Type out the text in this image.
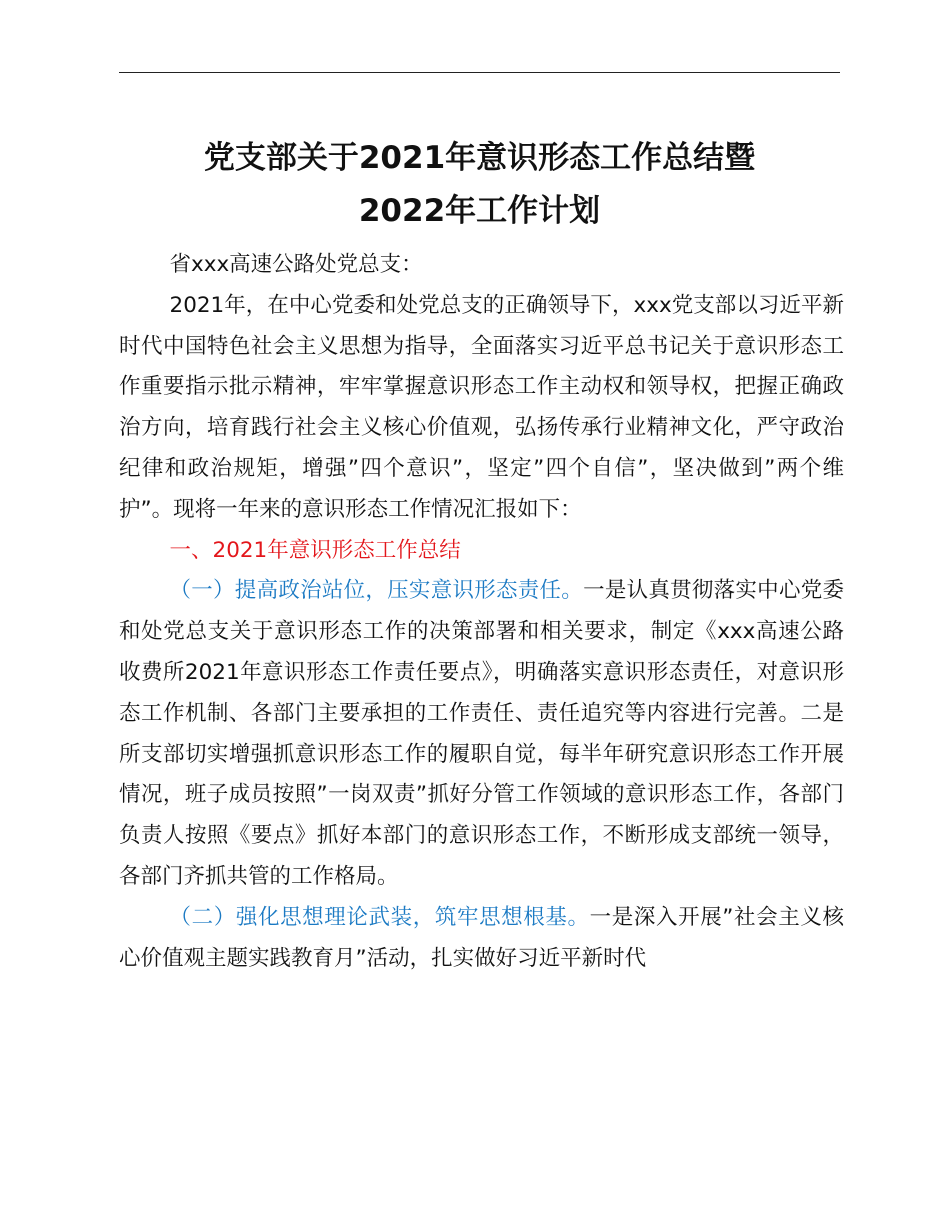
党支部关于2021年意识形态工作总结暨
2022年工作计划

省xxx高速公路处党总支：

2021年，在中心党委和处党总支的正确领导下，xxx党支部以习近平新时代中国特色社会主义思想为指导，全面落实习近平总书记关于意识形态工作重要指示批示精神，牢牢掌握意识形态工作主动权和领导权，把握正确政治方向，培育践行社会主义核心价值观，弘扬传承行业精神文化，严守政治纪律和政治规矩，增强”四个意识”，坚定”四个自信”，坚决做到”两个维护”。现将一年来的意识形态工作情况汇报如下：

一、2021年意识形态工作总结

（一）提高政治站位，压实意识形态责任。一是认真贯彻落实中心党委和处党总支关于意识形态工作的决策部署和相关要求，制定《xxx高速公路收费所2021年意识形态工作责任要点》，明确落实意识形态责任，对意识形态工作机制、各部门主要承担的工作责任、责任追究等内容进行完善。二是所支部切实增强抓意识形态工作的履职自觉，每半年研究意识形态工作开展情况，班子成员按照”一岗双责”抓好分管工作领域的意识形态工作，各部门负责人按照《要点》抓好本部门的意识形态工作，不断形成支部统一领导，各部门齐抓共管的工作格局。

（二）强化思想理论武装，筑牢思想根基。一是深入开展”社会主义核心价值观主题实践教育月”活动，扎实做好习近平新时代
